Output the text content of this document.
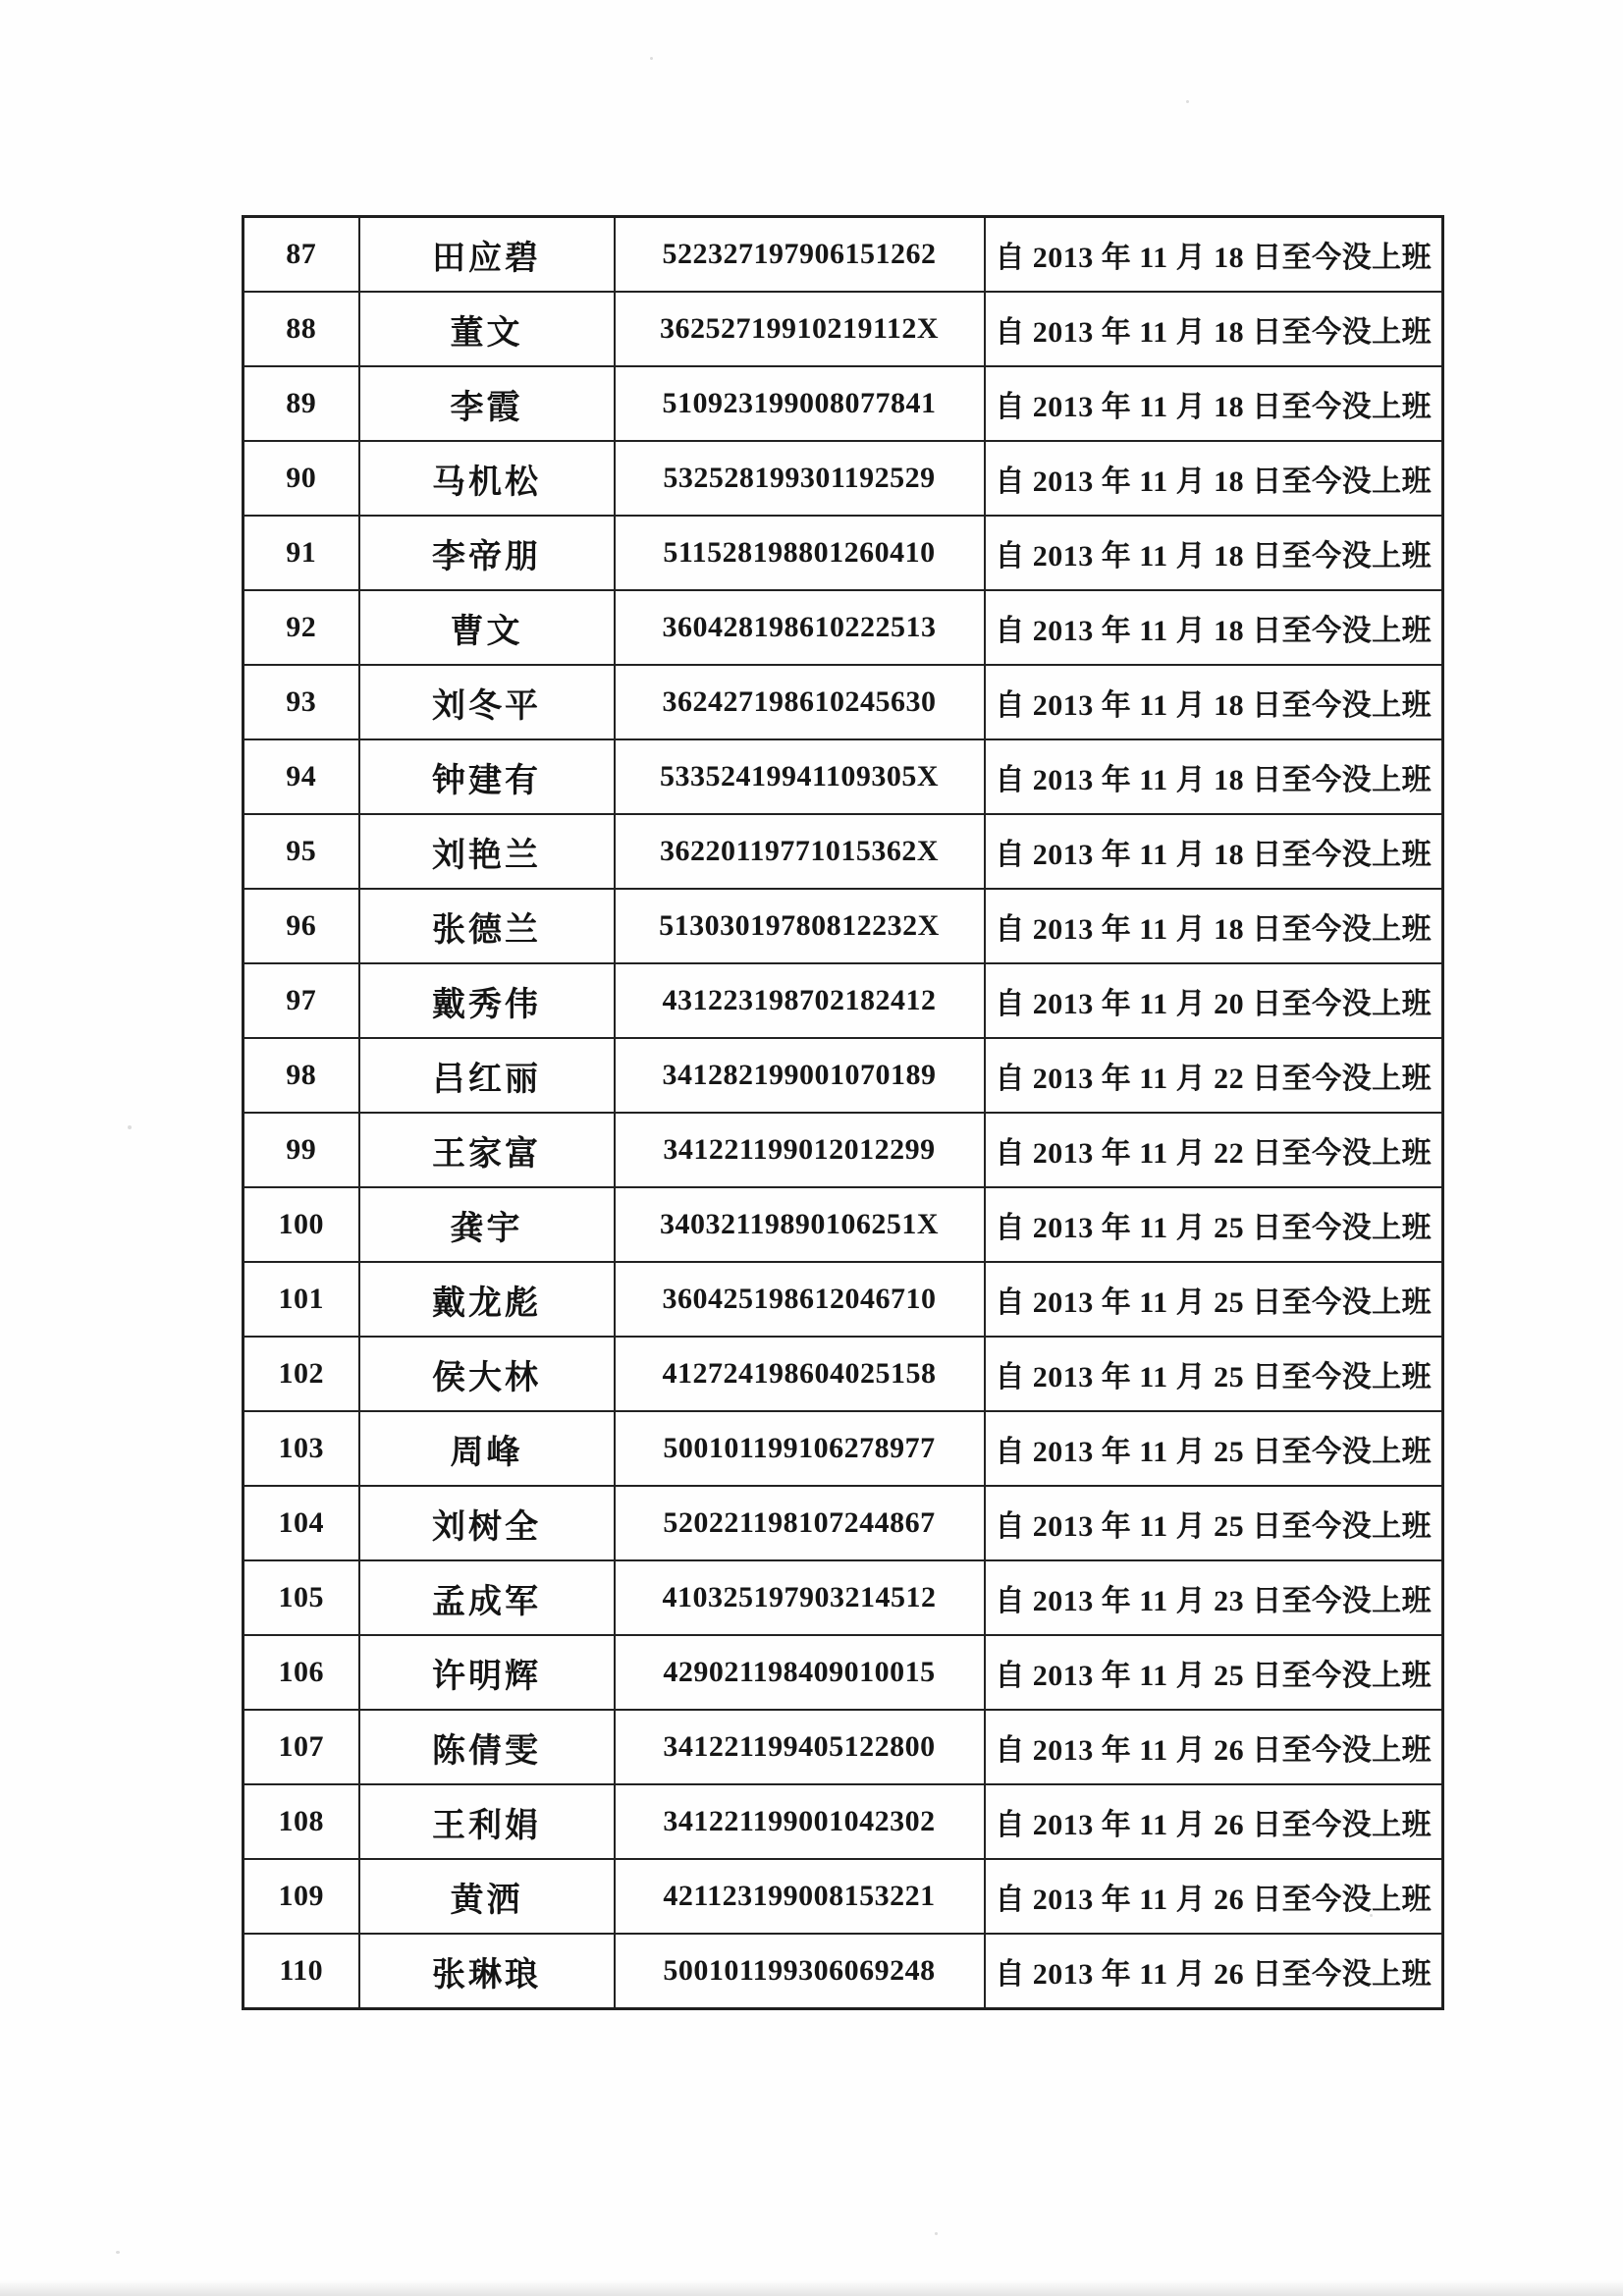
87	田应碧	522327197906151262	自 2013 年 11 月 18 日至今没上班
88	董文	36252719910219112X	自 2013 年 11 月 18 日至今没上班
89	李霞	510923199008077841	自 2013 年 11 月 18 日至今没上班
90	马机松	532528199301192529	自 2013 年 11 月 18 日至今没上班
91	李帝朋	511528198801260410	自 2013 年 11 月 18 日至今没上班
92	曹文	360428198610222513	自 2013 年 11 月 18 日至今没上班
93	刘冬平	362427198610245630	自 2013 年 11 月 18 日至今没上班
94	钟建有	53352419941109305X	自 2013 年 11 月 18 日至今没上班
95	刘艳兰	36220119771015362X	自 2013 年 11 月 18 日至今没上班
96	张德兰	51303019780812232X	自 2013 年 11 月 18 日至今没上班
97	戴秀伟	431223198702182412	自 2013 年 11 月 20 日至今没上班
98	吕红丽	341282199001070189	自 2013 年 11 月 22 日至今没上班
99	王家富	341221199012012299	自 2013 年 11 月 22 日至今没上班
100	龚宇	34032119890106251X	自 2013 年 11 月 25 日至今没上班
101	戴龙彪	360425198612046710	自 2013 年 11 月 25 日至今没上班
102	侯大林	412724198604025158	自 2013 年 11 月 25 日至今没上班
103	周峰	500101199106278977	自 2013 年 11 月 25 日至今没上班
104	刘树全	520221198107244867	自 2013 年 11 月 25 日至今没上班
105	孟成军	410325197903214512	自 2013 年 11 月 23 日至今没上班
106	许明辉	429021198409010015	自 2013 年 11 月 25 日至今没上班
107	陈倩雯	341221199405122800	自 2013 年 11 月 26 日至今没上班
108	王利娟	341221199001042302	自 2013 年 11 月 26 日至今没上班
109	黄洒	421123199008153221	自 2013 年 11 月 26 日至今没上班
110	张琳琅	500101199306069248	自 2013 年 11 月 26 日至今没上班
